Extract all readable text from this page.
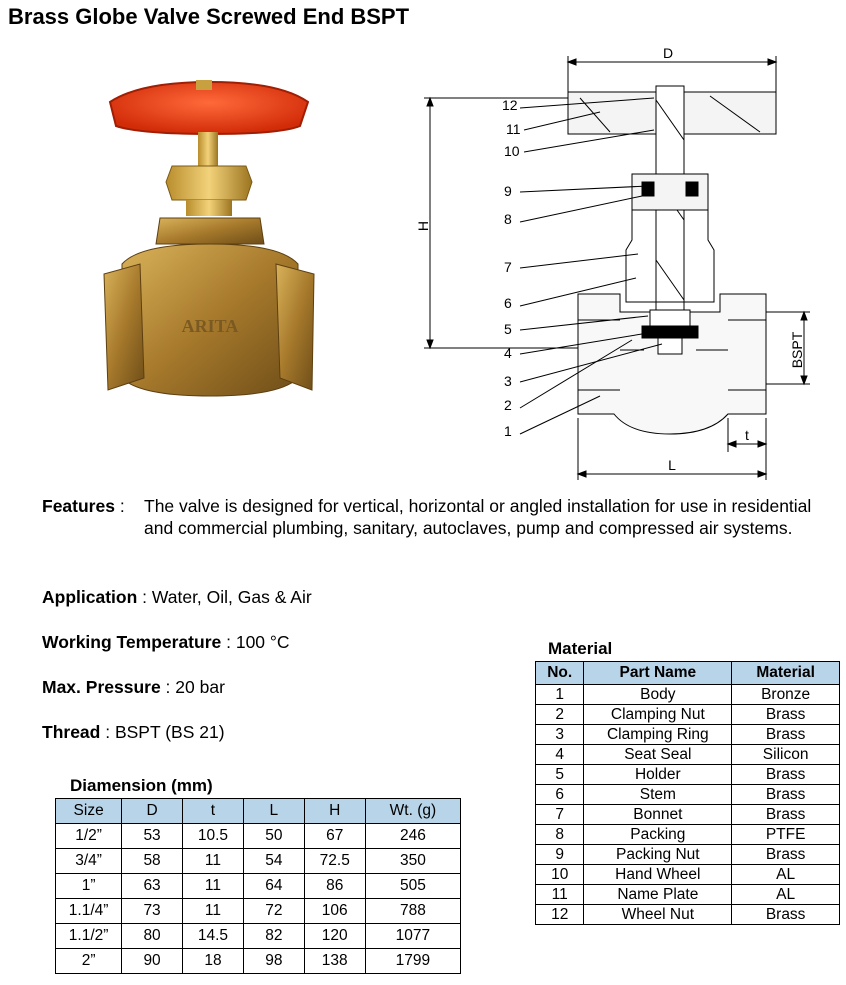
Brass Globe Valve Screwed End BSPT
ARITA
D
H
L
t
BSPT
12
11
10
9
8
7
6
5
4
3
2
1
Features : The valve is designed for vertical, horizontal or angled installation for use in residential and commercial plumbing, sanitary, autoclaves, pump and compressed air systems.
Application : Water, Oil, Gas & Air
Working Temperature : 100 °C
Max. Pressure : 20 bar
Thread : BSPT (BS 21)
Diamension (mm)
Size	D	t	L	H	Wt. (g)
1/2”	53	10.5	50	67	246
3/4”	58	11	54	72.5	350
1”	63	11	64	86	505
1.1/4”	73	11	72	106	788
1.1/2”	80	14.5	82	120	1077
2”	90	18	98	138	1799
Material
No.	Part Name	Material
1	Body	Bronze
2	Clamping Nut	Brass
3	Clamping Ring	Brass
4	Seat Seal	Silicon
5	Holder	Brass
6	Stem	Brass
7	Bonnet	Brass
8	Packing	PTFE
9	Packing Nut	Brass
10	Hand Wheel	AL
11	Name Plate	AL
12	Wheel Nut	Brass
